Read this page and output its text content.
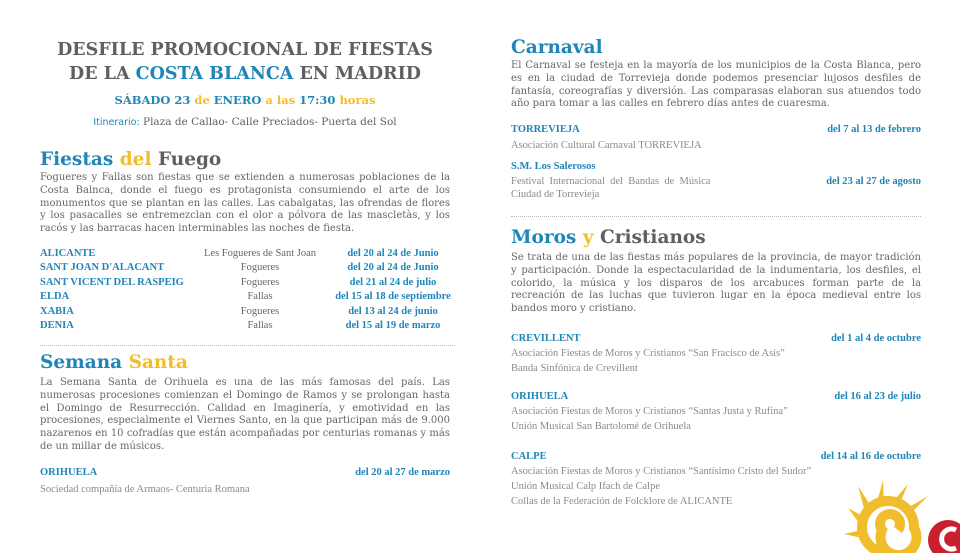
DESFILE PROMOCIONAL DE FIESTAS
DE LA COSTA BLANCA EN MADRID
SÁBADO 23 de ENERO a las 17:30 horas
Itinerario: Plaza de Callao- Calle Preciados- Puerta del Sol
Fiestas del Fuego
Fogueres y Fallas son fiestas que se extienden a numerosas poblaciones de la Costa Balnca, donde el fuego es protagonista consumiendo el arte de los monumentos que se plantan en las calles. Las cabalgatas, las ofrendas de flores y los pasacalles se entremezclan con el olor a pólvora de las mascletàs, y los racós y las barracas hacen interminables las noches de fiesta.
ALICANTE	Les Fogueres de Sant Joan	del 20 al 24 de Junio
SANT JOAN D'ALACANT	Fogueres	del 20 al 24 de Junio
SANT VICENT DEL RASPEIG	Fogueres	del 21 al 24 de julio
ELDA	Fallas	del 15 al 18 de septiembre
XABIA	Fogueres	del 13 al 24 de junio
DENIA	Fallas	del 15 al 19 de marzo
Semana Santa
La Semana Santa de Orihuela es una de las más famosas del país. Las numerosas procesiones comienzan el Domingo de Ramos y se prolongan hasta el Domingo de Resurrección. Calidad en Imaginería, y emotividad en las procesiones, especialmente el Viernes Santo, en la que participan más de 9.000 nazarenos en 10 cofradías que están acompañadas por centurias romanas y más de un millar de músicos.
ORIHUELA	del 20 al 27 de marzo
Sociedad compañía de Armaos- Centuria Romana
Carnaval
El Carnaval se festeja en la mayoría de los municipios de la Costa Blanca, pero es en la ciudad de Torrevieja donde podemos presenciar lujosos desfiles de fantasía, coreografías y diversión. Las comparasas elaboran sus atuendos todo año para tomar a las calles en febrero días antes de cuaresma.
TORREVIEJA	del 7 al 13 de febrero
Asociación Cultural Carnaval TORREVIEJA
S.M. Los Salerosos
Festival  Internacional  del  Bandas  de  Música
Ciudad de Torrevieja
del 23 al 27 de agosto
Moros y Cristianos
Se trata de una de las fiestas más populares de la provincia, de mayor tradición y participación. Donde la espectacularidad de la indumentaria, los desfiles, el colorido, la música y los disparos de los arcabuces forman parte de la recreación de las luchas que tuvieron lugar en la época medieval entre los bandos moro y cristiano.
CREVILLENT	del 1 al 4 de octubre
Asociación Fiestas de Moros y Cristianos “San Fracisco de Asís”
Banda Sinfónica de Crevillent
ORIHUELA	del 16 al 23 de julio
Asociación Fiestas de Moros y Cristianos “Santas Justa y Rufina”
Unión Musical San Bartolomé de Orihuela
CALPE	del 14 al 16 de octubre
Asociación Fiestas de Moros y Cristianos “Santísimo Cristo del Sudor”
Unión Musical Calp Ifach de Calpe
Collas de la Federación de Folcklore de ALICANTE
